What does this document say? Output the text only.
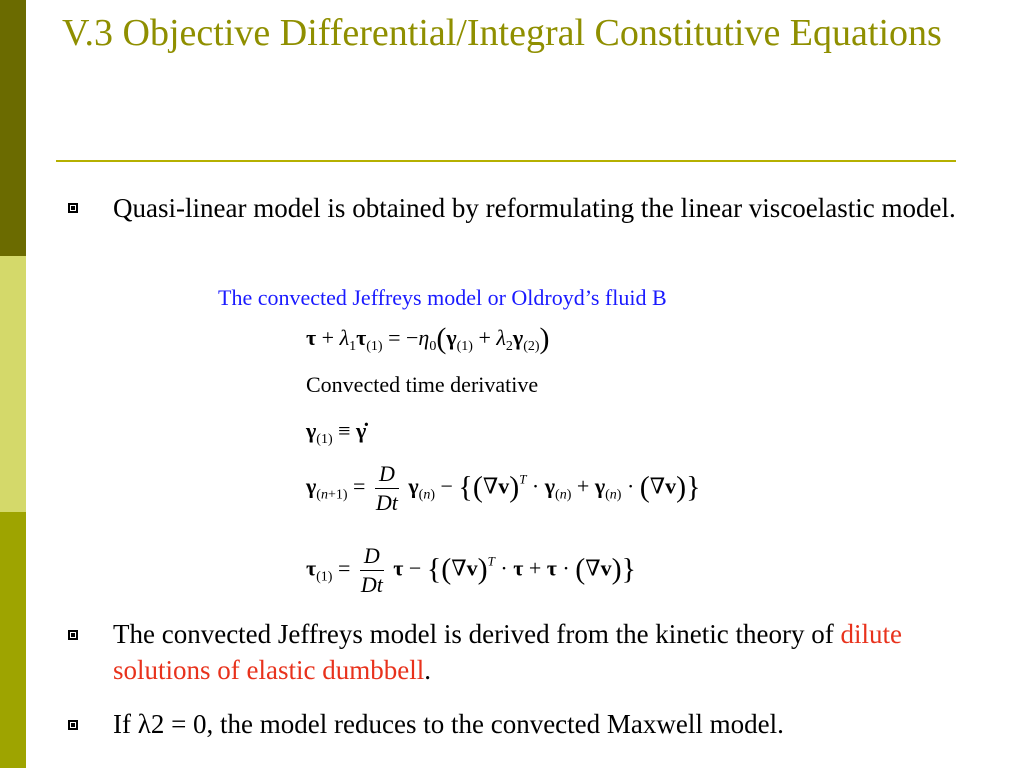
V.3 Objective Differential/Integral Constitutive Equations
Quasi-linear model is obtained by reformulating the linear viscoelastic model.
The convected Jeffreys model or Oldroyd’s fluid B
$\tau + \lambda_1\tau_{(1)} = -\eta_0(\gamma_{(1)} + \lambda_2\gamma_{(2)})$
Convected time derivative
$\gamma_{(1)}$ ≡ γ̇
$\gamma_{(n+1)} = \frac{D}{Dt} \gamma_{(n)} - \{(\nabla v)^T \cdot \gamma_{(n)} + \gamma_{(n)} \cdot (\nabla v)\}$
$\tau_{(1)} = \frac{D}{Dt}$ $\tau - \{(\nabla v)^T \cdot \tau + \tau \cdot (\nabla v)\}$
The convected Jeffreys model is derived from the kinetic theory of dilute solutions of elastic dumbbell.
If λ2 = 0, the model reduces to the convected Maxwell model.
